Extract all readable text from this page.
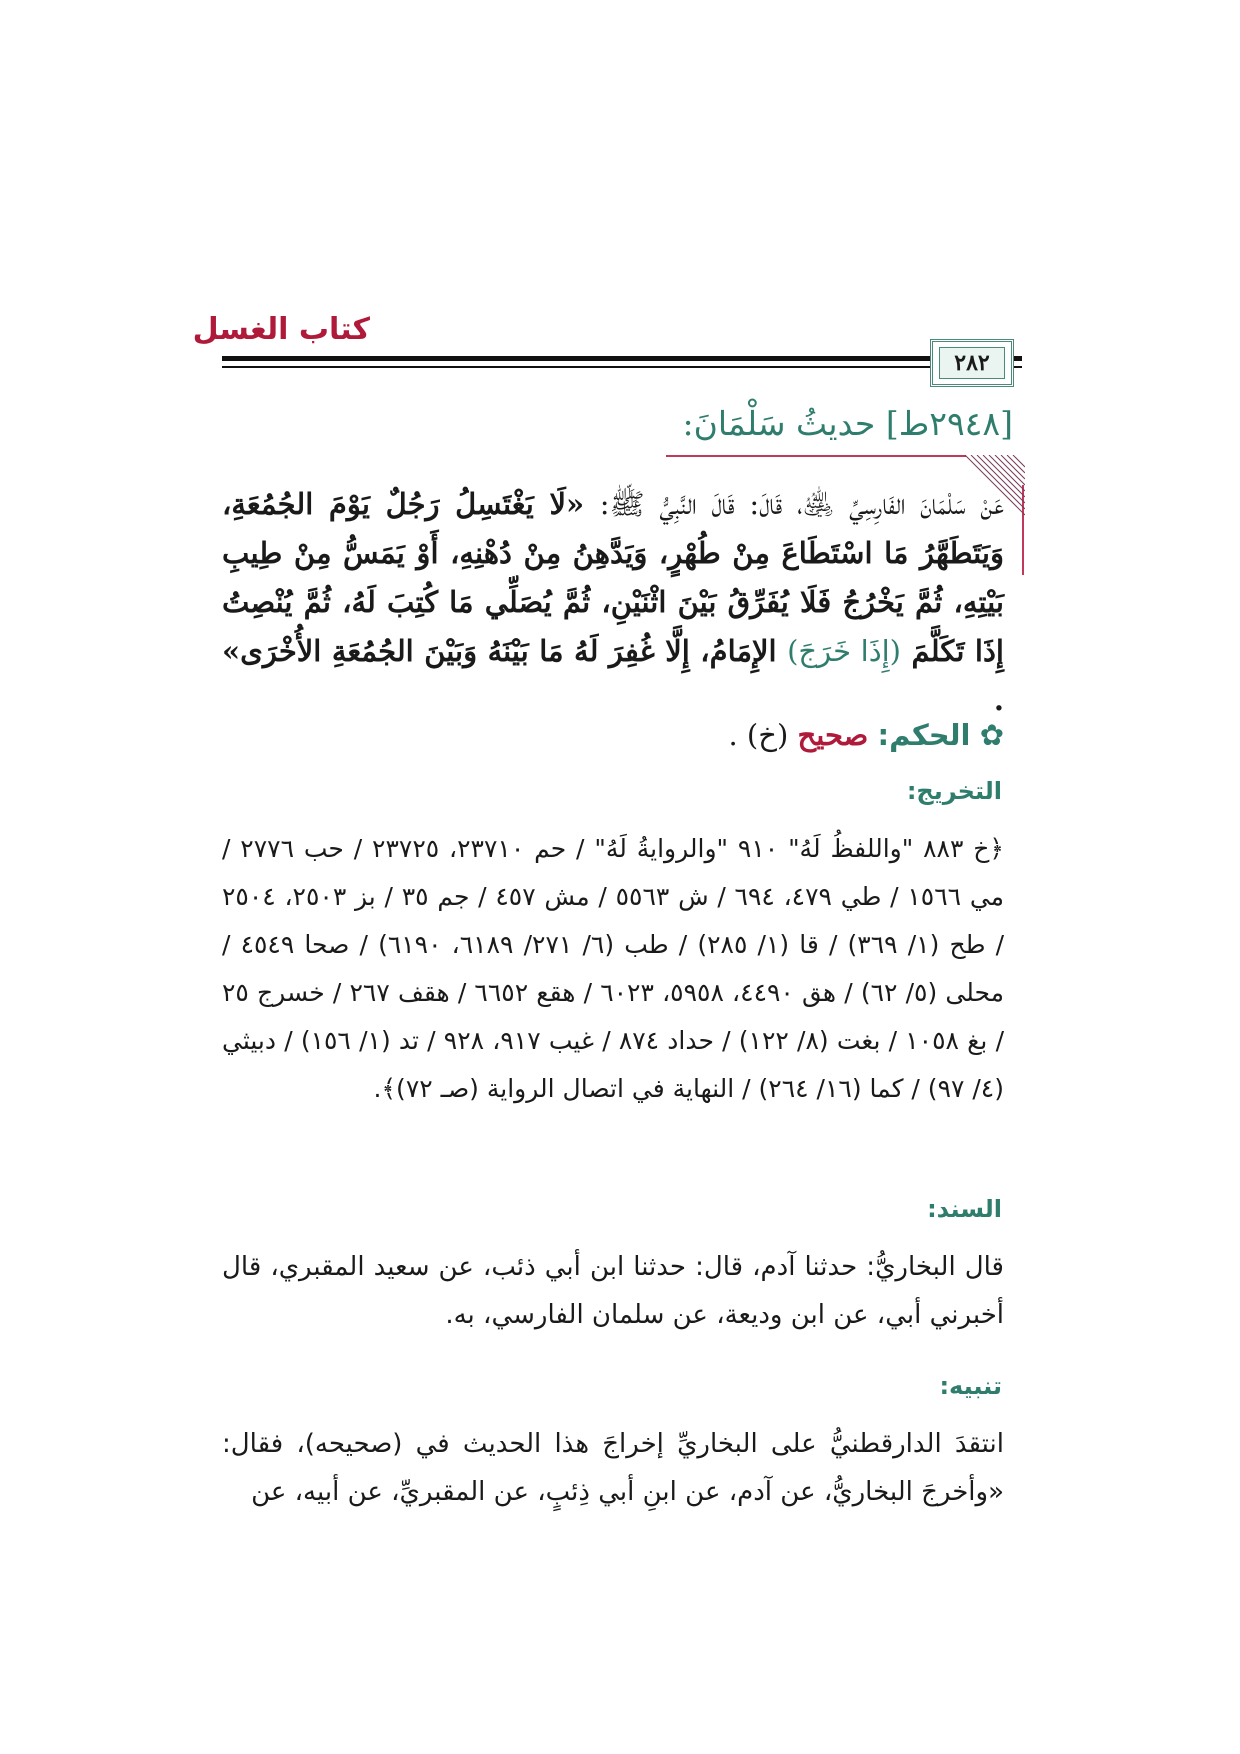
كتاب الغسل
٢٨٢
[٢٩٤٨ط] حديثُ سَلْمَانَ:
عَنْ سَلْمَانَ الفَارِسِيِّ ﵁، قَالَ: قَالَ النَّبِيُّ ﷺ: «لَا يَغْتَسِلُ رَجُلٌ يَوْمَ الجُمُعَةِ، وَيَتَطَهَّرُ مَا اسْتَطَاعَ مِنْ طُهْرٍ، وَيَدَّهِنُ مِنْ دُهْنِهِ، أَوْ يَمَسُّ مِنْ طِيبِ بَيْتِهِ، ثُمَّ يَخْرُجُ فَلَا يُفَرِّقُ بَيْنَ اثْنَيْنِ، ثُمَّ يُصَلِّي مَا كُتِبَ لَهُ، ثُمَّ يُنْصِتُ إِذَا تَكَلَّمَ (إِذَا خَرَجَ) الإِمَامُ، إِلَّا غُفِرَ لَهُ مَا بَيْنَهُ وَبَيْنَ الجُمُعَةِ الأُخْرَى» .
✿ الحكم: صحيح (خ) .
التخريج:
﴿خ ٨٨٣ "واللفظُ لَهُ" ٩١٠ "والروايةُ لَهُ" / حم ٢٣٧١٠، ٢٣٧٢٥ / حب ٢٧٧٦ / مي ١٥٦٦ / طي ٤٧٩، ٦٩٤ / ش ٥٥٦٣ / مش ٤٥٧ / جم ٣٥ / بز ٢٥٠٣، ٢٥٠٤ / طح (١/ ٣٦٩) / قا (١/ ٢٨٥) / طب (٦/ ٢٧١/ ٦١٨٩، ٦١٩٠) / صحا ٤٥٤٩ / محلى (٥/ ٦٢) / هق ٤٤٩٠، ٥٩٥٨، ٦٠٢٣ / هقع ٦٦٥٢ / هقف ٢٦٧ / خسرج ٢٥ / بغ ١٠٥٨ / بغت (٨/ ١٢٢) / حداد ٨٧٤ / غيب ٩١٧، ٩٢٨ / تد (١/ ١٥٦) / دبيثي (٤/ ٩٧) / كما (١٦/ ٢٦٤) / النهاية في اتصال الرواية (صـ ٧٢)﴾.
السند:
قال البخاريُّ: حدثنا آدم، قال: حدثنا ابن أبي ذئب، عن سعيد المقبري، قال أخبرني أبي، عن ابن وديعة، عن سلمان الفارسي، به.
تنبيه:
انتقدَ الدارقطنيُّ على البخاريِّ إخراجَ هذا الحديث في (صحيحه)، فقال: «وأخرجَ البخاريُّ، عن آدم، عن ابنِ أبي ذِئبٍ، عن المقبريِّ، عن أبيه، عن
